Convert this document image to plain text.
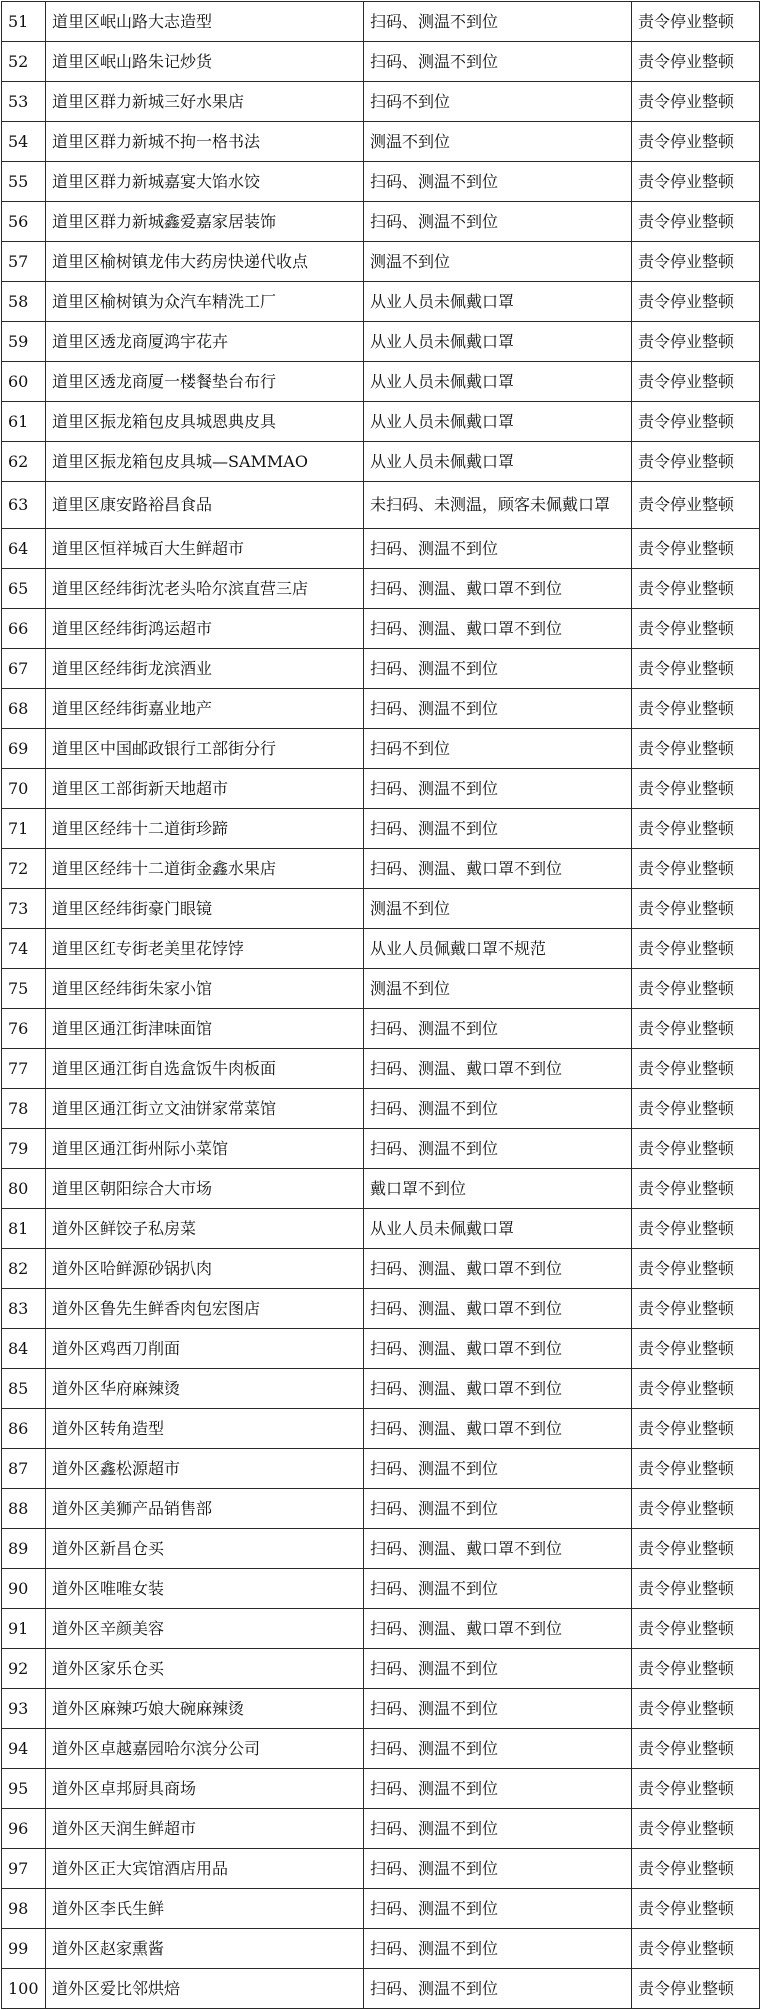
51	道里区岷山路大志造型	扫码、测温不到位	责令停业整顿
52	道里区岷山路朱记炒货	扫码、测温不到位	责令停业整顿
53	道里区群力新城三好水果店	扫码不到位	责令停业整顿
54	道里区群力新城不拘一格书法	测温不到位	责令停业整顿
55	道里区群力新城嘉宴大馅水饺	扫码、测温不到位	责令停业整顿
56	道里区群力新城鑫爱嘉家居装饰	扫码、测温不到位	责令停业整顿
57	道里区榆树镇龙伟大药房快递代收点	测温不到位	责令停业整顿
58	道里区榆树镇为众汽车精洗工厂	从业人员未佩戴口罩	责令停业整顿
59	道里区透龙商厦鸿宇花卉	从业人员未佩戴口罩	责令停业整顿
60	道里区透龙商厦一楼餐垫台布行	从业人员未佩戴口罩	责令停业整顿
61	道里区振龙箱包皮具城恩典皮具	从业人员未佩戴口罩	责令停业整顿
62	道里区振龙箱包皮具城—SAMMAO	从业人员未佩戴口罩	责令停业整顿
63	道里区康安路裕昌食品	未扫码、未测温，顾客未佩戴口罩	责令停业整顿
64	道里区恒祥城百大生鲜超市	扫码、测温不到位	责令停业整顿
65	道里区经纬街沈老头哈尔滨直营三店	扫码、测温、戴口罩不到位	责令停业整顿
66	道里区经纬街鸿运超市	扫码、测温、戴口罩不到位	责令停业整顿
67	道里区经纬街龙滨酒业	扫码、测温不到位	责令停业整顿
68	道里区经纬街嘉业地产	扫码、测温不到位	责令停业整顿
69	道里区中国邮政银行工部街分行	扫码不到位	责令停业整顿
70	道里区工部街新天地超市	扫码、测温不到位	责令停业整顿
71	道里区经纬十二道街珍蹄	扫码、测温不到位	责令停业整顿
72	道里区经纬十二道街金鑫水果店	扫码、测温、戴口罩不到位	责令停业整顿
73	道里区经纬街豪门眼镜	测温不到位	责令停业整顿
74	道里区红专街老美里花饽饽	从业人员佩戴口罩不规范	责令停业整顿
75	道里区经纬街朱家小馆	测温不到位	责令停业整顿
76	道里区通江街津味面馆	扫码、测温不到位	责令停业整顿
77	道里区通江街自选盒饭牛肉板面	扫码、测温、戴口罩不到位	责令停业整顿
78	道里区通江街立文油饼家常菜馆	扫码、测温不到位	责令停业整顿
79	道里区通江街州际小菜馆	扫码、测温不到位	责令停业整顿
80	道里区朝阳综合大市场	戴口罩不到位	责令停业整顿
81	道外区鲜饺子私房菜	从业人员未佩戴口罩	责令停业整顿
82	道外区哈鲜源砂锅扒肉	扫码、测温、戴口罩不到位	责令停业整顿
83	道外区鲁先生鲜香肉包宏图店	扫码、测温、戴口罩不到位	责令停业整顿
84	道外区鸡西刀削面	扫码、测温、戴口罩不到位	责令停业整顿
85	道外区华府麻辣烫	扫码、测温、戴口罩不到位	责令停业整顿
86	道外区转角造型	扫码、测温、戴口罩不到位	责令停业整顿
87	道外区鑫松源超市	扫码、测温不到位	责令停业整顿
88	道外区美狮产品销售部	扫码、测温不到位	责令停业整顿
89	道外区新昌仓买	扫码、测温、戴口罩不到位	责令停业整顿
90	道外区唯唯女装	扫码、测温不到位	责令停业整顿
91	道外区辛颜美容	扫码、测温、戴口罩不到位	责令停业整顿
92	道外区家乐仓买	扫码、测温不到位	责令停业整顿
93	道外区麻辣巧娘大碗麻辣烫	扫码、测温不到位	责令停业整顿
94	道外区卓越嘉园哈尔滨分公司	扫码、测温不到位	责令停业整顿
95	道外区卓邦厨具商场	扫码、测温不到位	责令停业整顿
96	道外区天润生鲜超市	扫码、测温不到位	责令停业整顿
97	道外区正大宾馆酒店用品	扫码、测温不到位	责令停业整顿
98	道外区李氏生鲜	扫码、测温不到位	责令停业整顿
99	道外区赵家熏酱	扫码、测温不到位	责令停业整顿
100	道外区爱比邻烘焙	扫码、测温不到位	责令停业整顿
